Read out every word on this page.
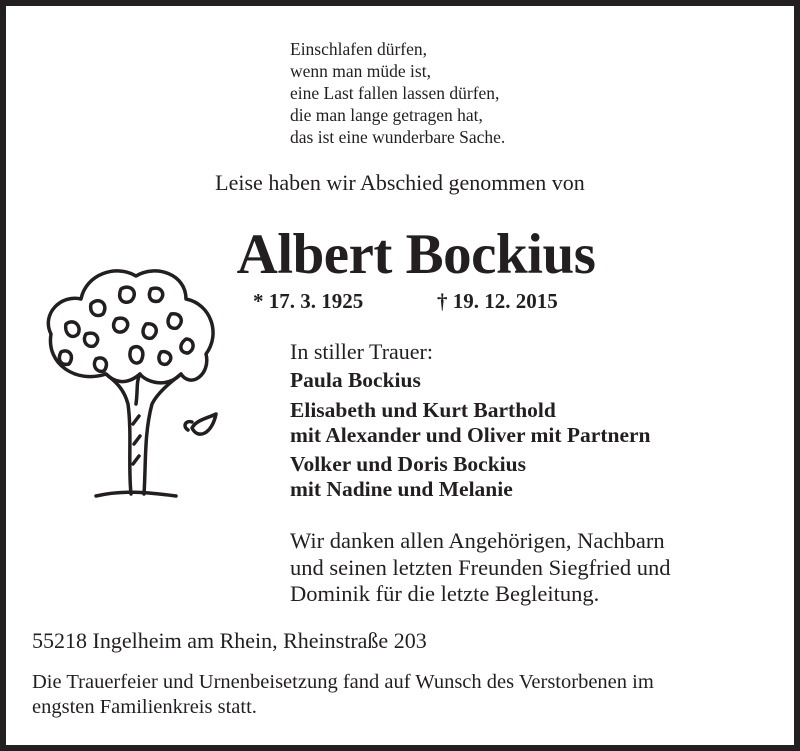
Einschlafen dürfen,
wenn man müde ist,
eine Last fallen lassen dürfen,
die man lange getragen hat,
das ist eine wunderbare Sache.
Leise haben wir Abschied genommen von
Albert Bockius
* 17. 3. 1925	† 19. 12. 2015
In stiller Trauer:
Paula Bockius
Elisabeth und Kurt Barthold
mit Alexander und Oliver mit Partnern
Volker und Doris Bockius
mit Nadine und Melanie
Wir danken allen Angehörigen, Nachbarn
und seinen letzten Freunden Siegfried und
Dominik für die letzte Begleitung.
55218 Ingelheim am Rhein, Rheinstraße 203
Die Trauerfeier und Urnenbeisetzung fand auf Wunsch des Verstorbenen im
engsten Familienkreis statt.
